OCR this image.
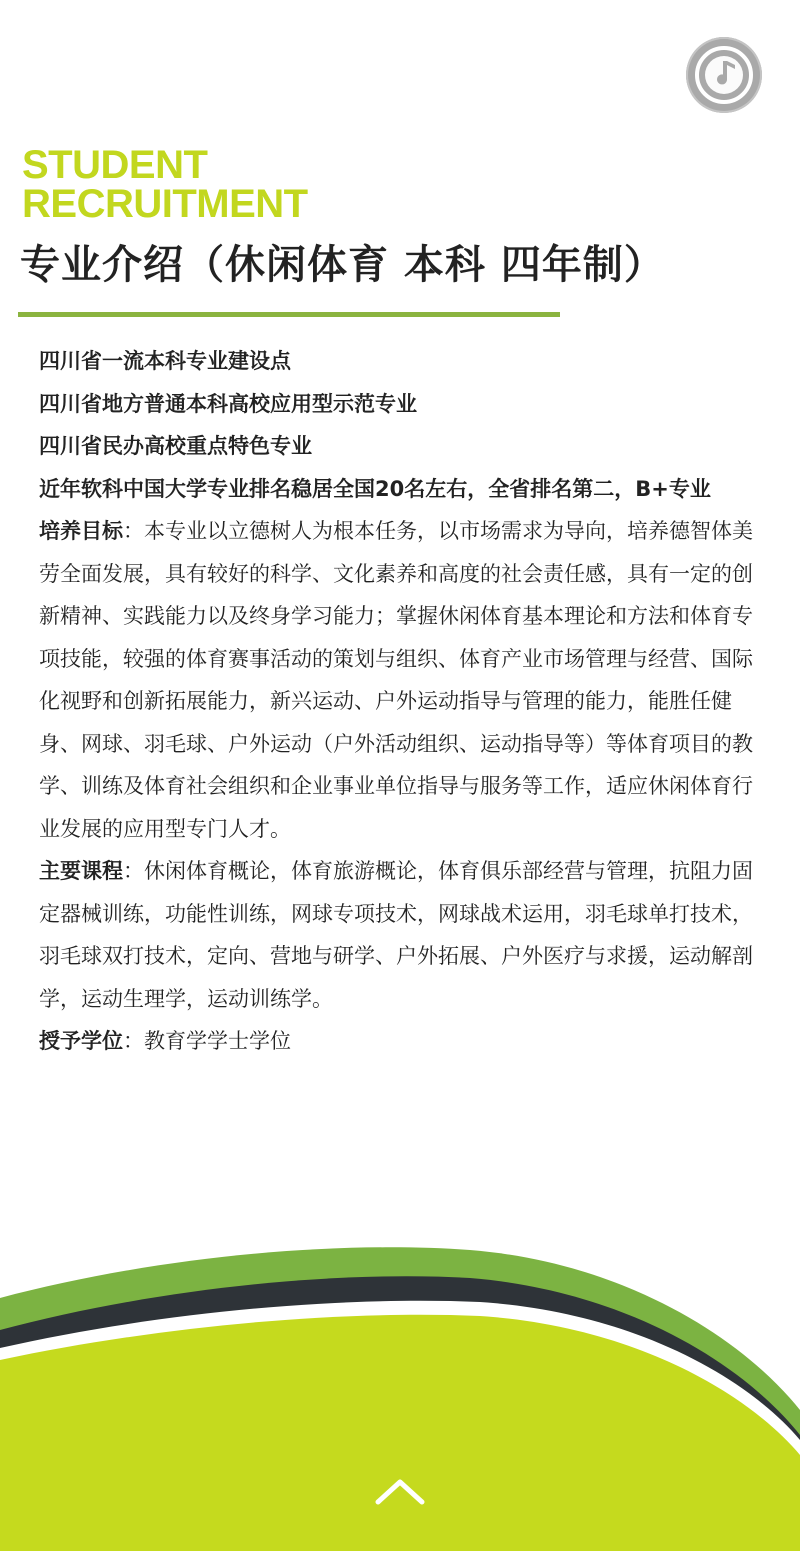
STUDENT
RECRUITMENT
专业介绍（休闲体育 本科 四年制）

四川省一流本科专业建设点

四川省地方普通本科高校应用型示范专业

四川省民办高校重点特色专业

近年软科中国大学专业排名稳居全国20名左右，全省排名第二，B+专业

培养目标：本专业以立德树人为根本任务，以市场需求为导向，培养德智体美劳全面发展，具有较好的科学、文化素养和高度的社会责任感，具有一定的创新精神、实践能力以及终身学习能力；掌握休闲体育基本理论和方法和体育专项技能，较强的体育赛事活动的策划与组织、体育产业市场管理与经营、国际化视野和创新拓展能力，新兴运动、户外运动指导与管理的能力，能胜任健身、网球、羽毛球、户外运动（户外活动组织、运动指导等）等体育项目的教学、训练及体育社会组织和企业事业单位指导与服务等工作，适应休闲体育行业发展的应用型专门人才。

主要课程：休闲体育概论，体育旅游概论，体育俱乐部经营与管理，抗阻力固定器械训练，功能性训练，网球专项技术，网球战术运用，羽毛球单打技术，羽毛球双打技术，定向、营地与研学、户外拓展、户外医疗与求援，运动解剖学，运动生理学，运动训练学。

授予学位：教育学学士学位
